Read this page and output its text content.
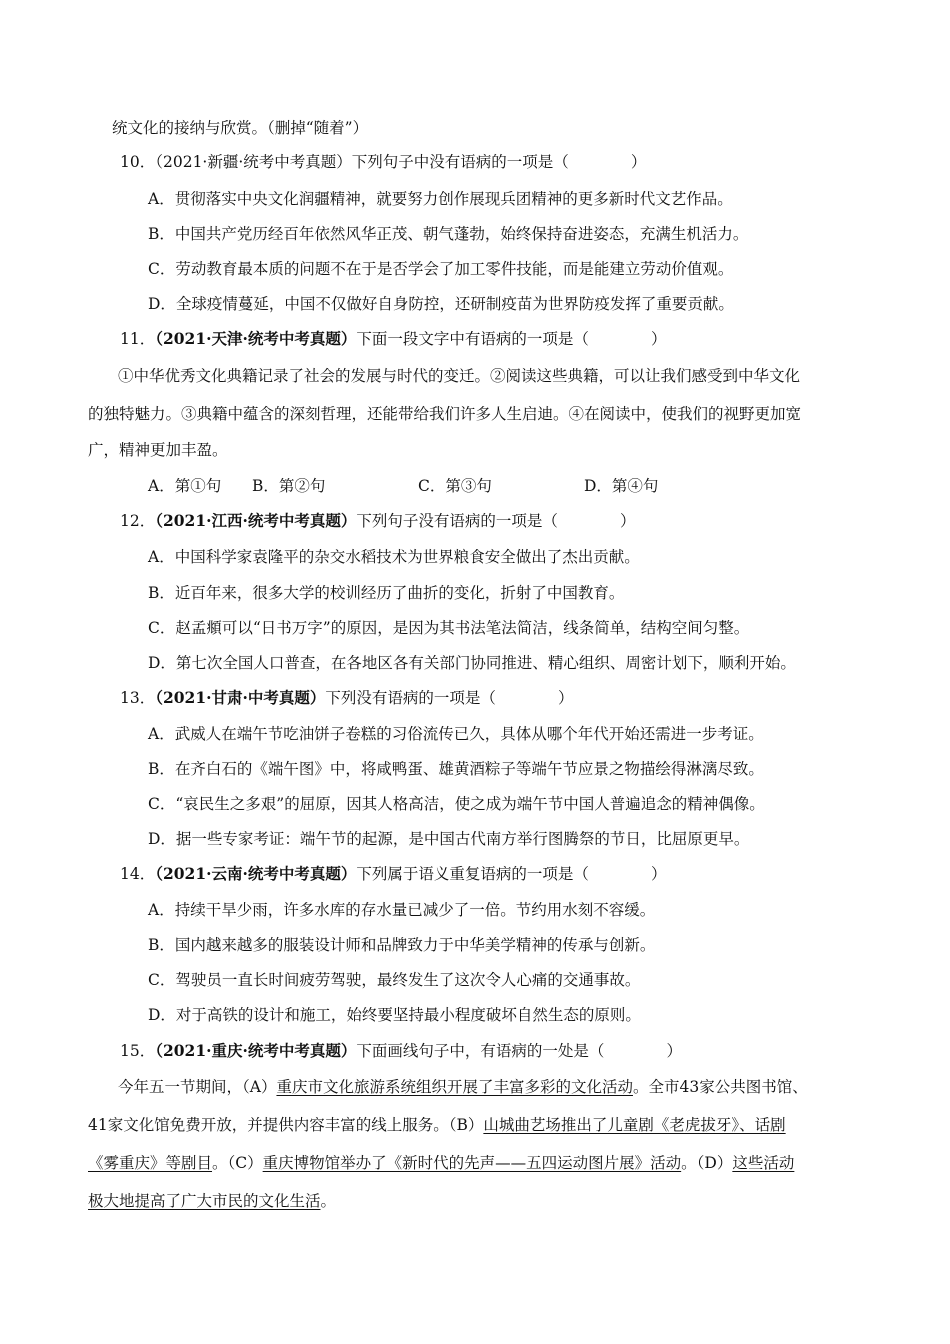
统文化的接纳与欣赏。（删掉“随着”）
10．（2021·新疆·统考中考真题）下列句子中没有语病的一项是（	）
A．贯彻落实中央文化润疆精神，就要努力创作展现兵团精神的更多新时代文艺作品。
B．中国共产党历经百年依然风华正茂、朝气蓬勃，始终保持奋进姿态，充满生机活力。
C．劳动教育最本质的问题不在于是否学会了加工零件技能，而是能建立劳动价值观。
D．全球疫情蔓延，中国不仅做好自身防控，还研制疫苗为世界防疫发挥了重要贡献。
11．（2021·天津·统考中考真题）下面一段文字中有语病的一项是（	）
①中华优秀文化典籍记录了社会的发展与时代的变迁。②阅读这些典籍，可以让我们感受到中华文化
的独特魅力。③典籍中蕴含的深刻哲理，还能带给我们许多人生启迪。④在阅读中，使我们的视野更加宽
广，精神更加丰盈。
A．第①句 B．第②句	C．第③句	D．第④句
12．（2021·江西·统考中考真题）下列句子没有语病的一项是（	）
A．中国科学家袁隆平的杂交水稻技术为世界粮食安全做出了杰出贡献。
B．近百年来，很多大学的校训经历了曲折的变化，折射了中国教育。
C．赵孟頫可以“日书万字”的原因，是因为其书法笔法简洁，线条简单，结构空间匀整。
D．第七次全国人口普查，在各地区各有关部门协同推进、精心组织、周密计划下，顺利开始。
13．（2021·甘肃·中考真题）下列没有语病的一项是（	）
A．武威人在端午节吃油饼子卷糕的习俗流传已久，具体从哪个年代开始还需进一步考证。
B．在齐白石的《端午图》中，将咸鸭蛋、雄黄酒粽子等端午节应景之物描绘得淋漓尽致。
C．“哀民生之多艰”的屈原，因其人格高洁，使之成为端午节中国人普遍追念的精神偶像。
D．据一些专家考证：端午节的起源，是中国古代南方举行图腾祭的节日，比屈原更早。
14．（2021·云南·统考中考真题）下列属于语义重复语病的一项是（	）
A．持续干旱少雨，许多水库的存水量已减少了一倍。节约用水刻不容缓。
B．国内越来越多的服装设计师和品牌致力于中华美学精神的传承与创新。
C．驾驶员一直长时间疲劳驾驶，最终发生了这次令人心痛的交通事故。
D．对于高铁的设计和施工，始终要坚持最小程度破坏自然生态的原则。
15．（2021·重庆·统考中考真题）下面画线句子中，有语病的一处是（	）
今年五一节期间，（A）重庆市文化旅游系统组织开展了丰富多彩的文化活动。全市43家公共图书馆、
41家文化馆免费开放，并提供内容丰富的线上服务。（B）山城曲艺场推出了儿童剧《老虎拔牙》、话剧
《雾重庆》等剧目。（C）重庆博物馆举办了《新时代的先声——五四运动图片展》活动。（D）这些活动
极大地提高了广大市民的文化生活。
